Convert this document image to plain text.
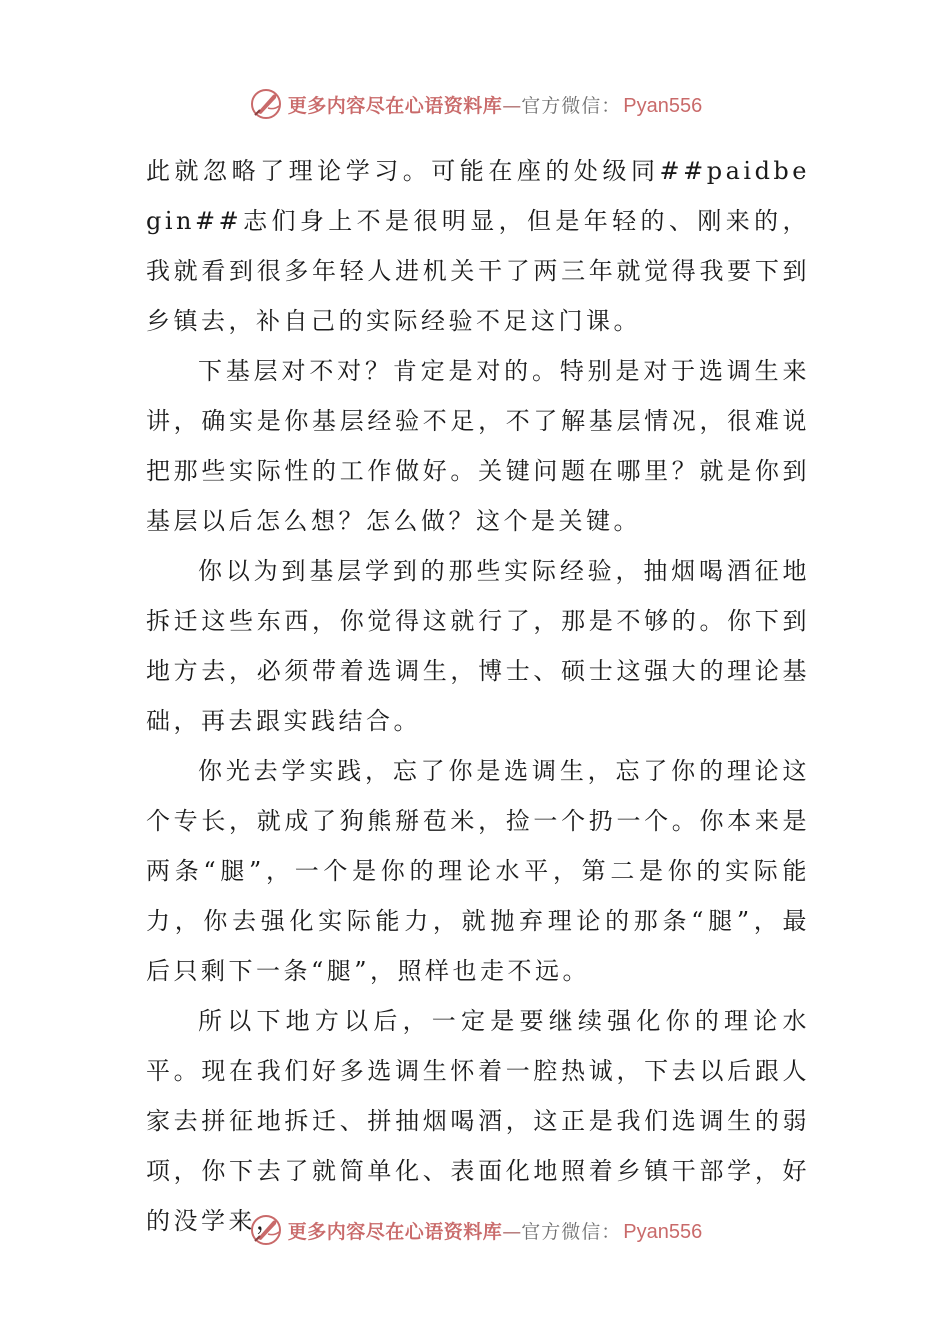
更多内容尽在心语资料库 — 官方微信： Pyan556

此就忽略了理论学习。可能在座的处级同##paidbegin##志们身上不是很明显，但是年轻的、刚来的，我就看到很多年轻人进机关干了两三年就觉得我要下到乡镇去，补自己的实际经验不足这门课。

下基层对不对？肯定是对的。特别是对于选调生来讲，确实是你基层经验不足，不了解基层情况，很难说把那些实际性的工作做好。关键问题在哪里？就是你到基层以后怎么想？怎么做？这个是关键。

你以为到基层学到的那些实际经验，抽烟喝酒征地拆迁这些东西，你觉得这就行了，那是不够的。你下到地方去，必须带着选调生，博士、硕士这强大的理论基础，再去跟实践结合。

你光去学实践，忘了你是选调生，忘了你的理论这个专长，就成了狗熊掰苞米，捡一个扔一个。你本来是两条“腿”，一个是你的理论水平，第二是你的实际能力，你去强化实际能力，就抛弃理论的那条“腿”，最后只剩下一条“腿”，照样也走不远。

所以下地方以后，一定是要继续强化你的理论水平。现在我们好多选调生怀着一腔热诚，下去以后跟人家去拼征地拆迁、拼抽烟喝酒，这正是我们选调生的弱项，你下去了就简单化、表面化地照着乡镇干部学，好的没学来， 更多内容尽在心语资料库 — 官方微信： Pyan556
